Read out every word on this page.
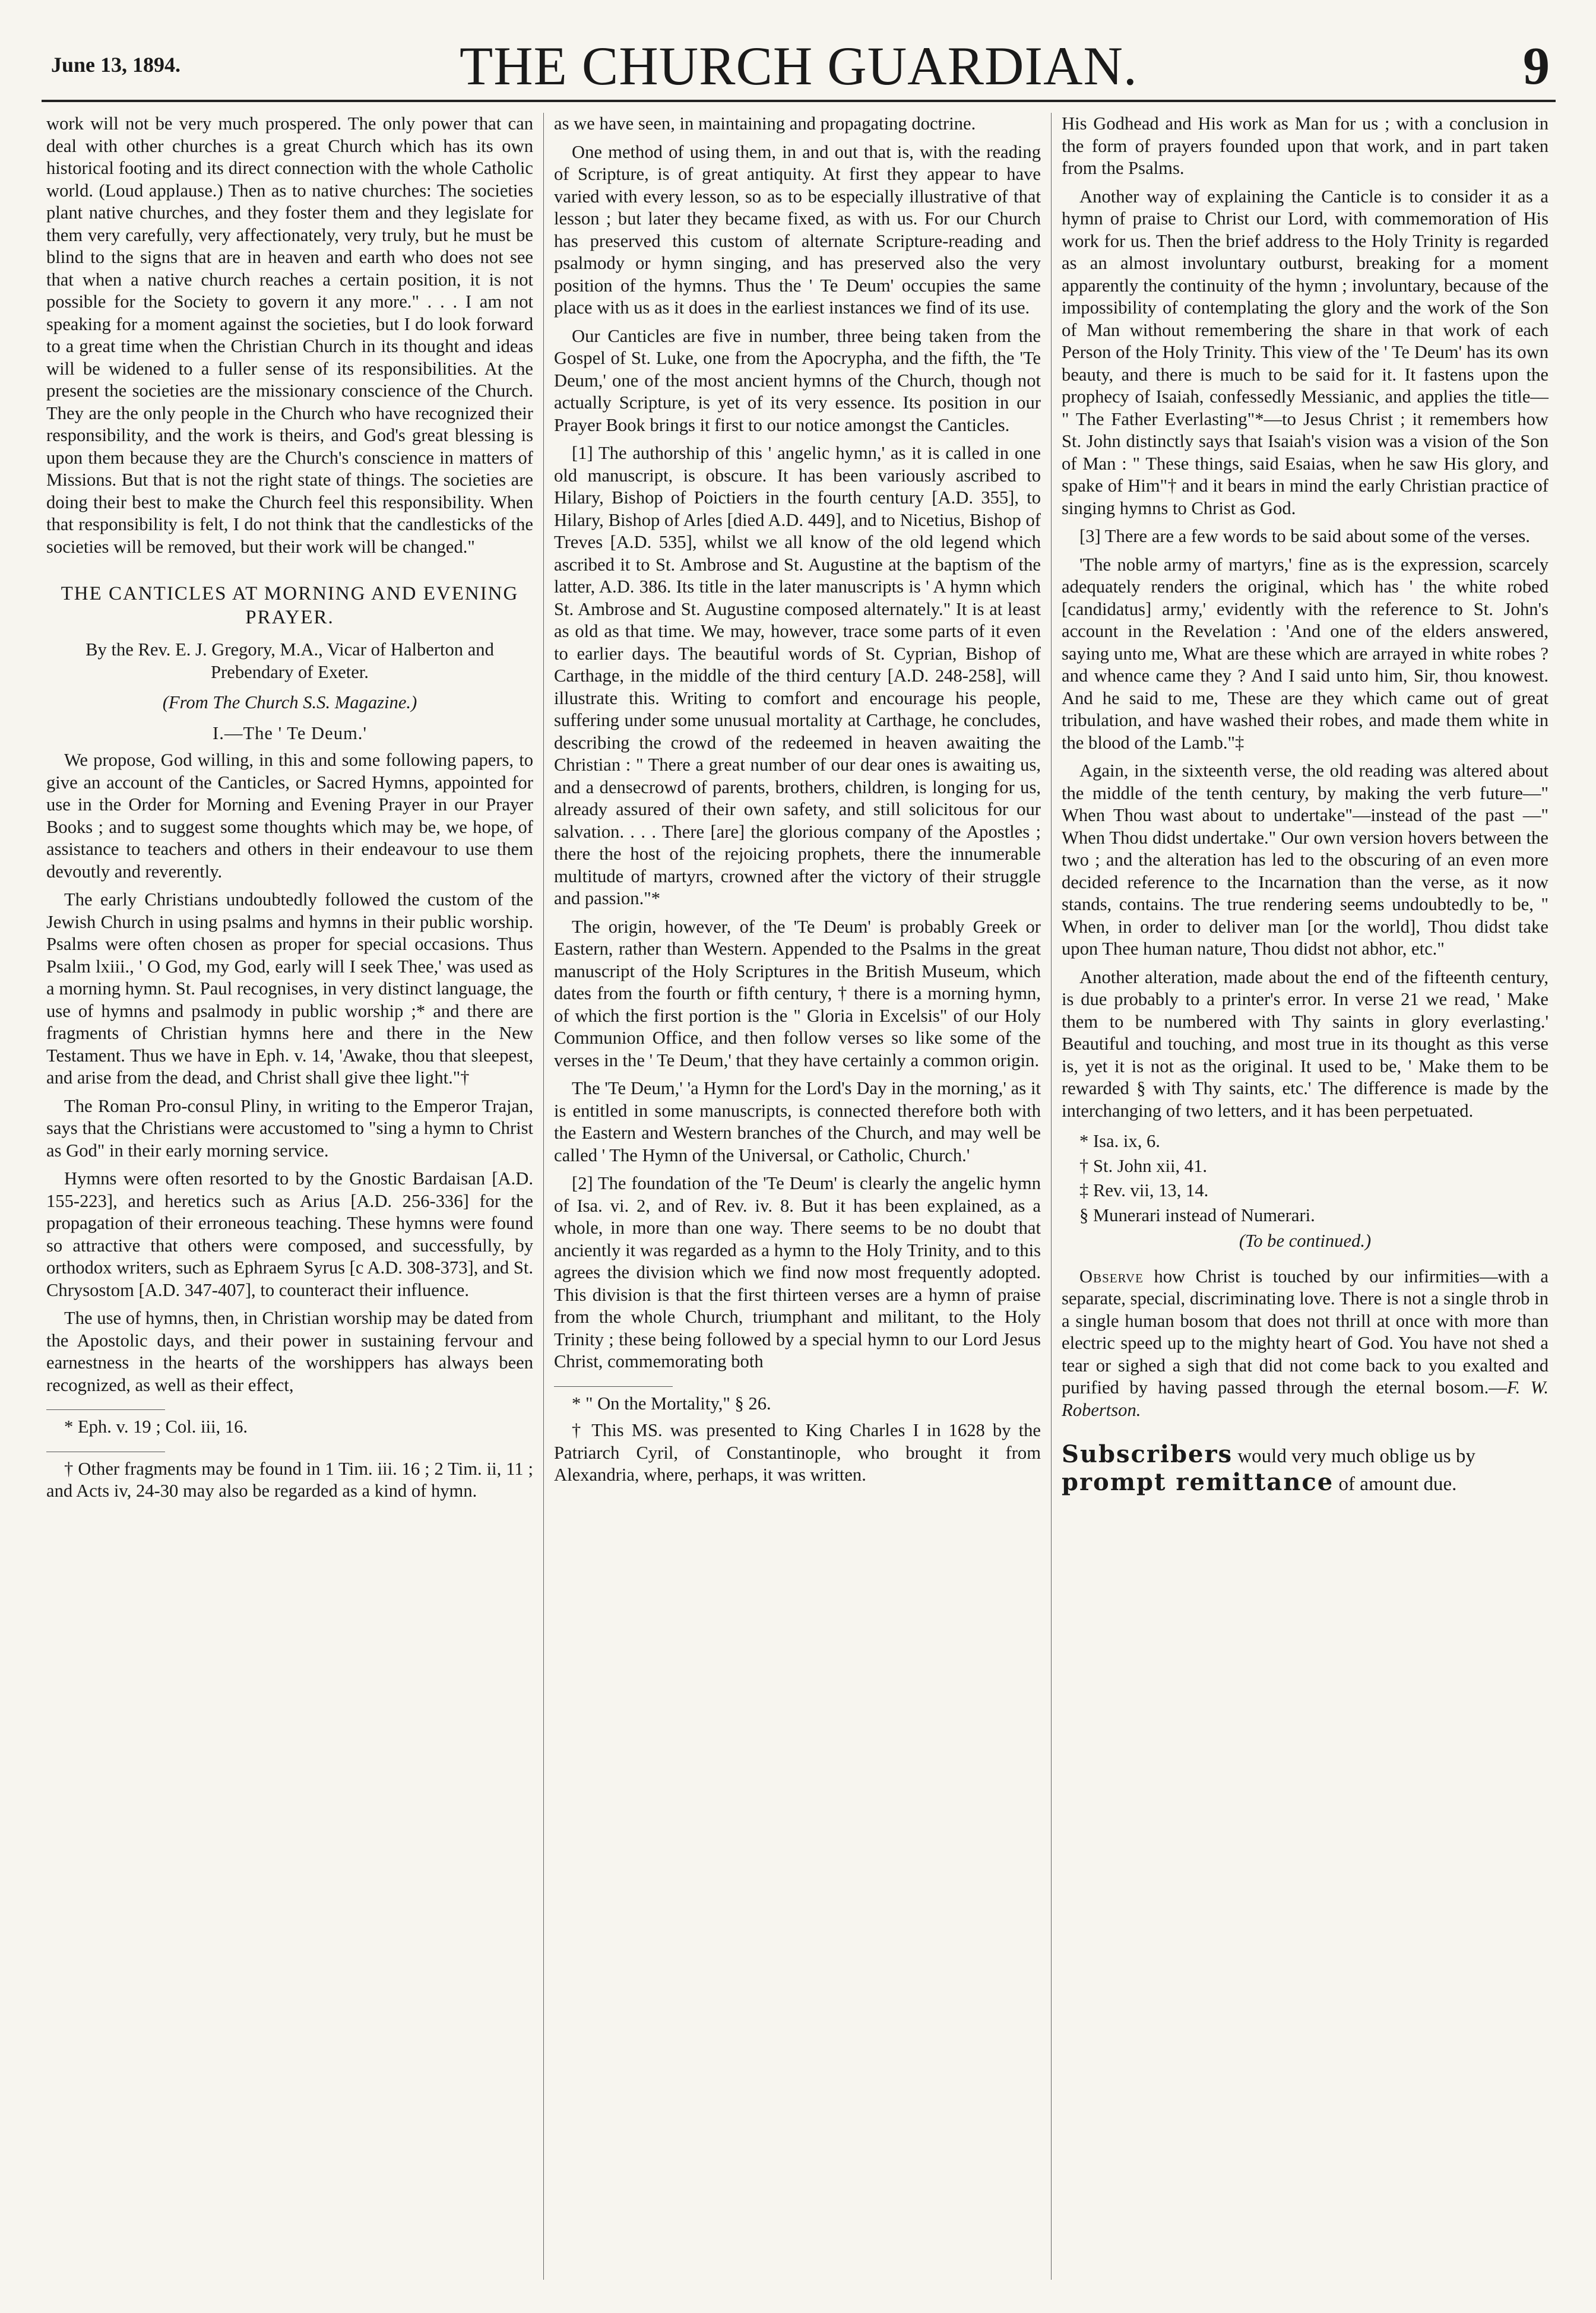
June 13, 1894.	THE CHURCH GUARDIAN.	9

work will not be very much prospered. The only power that can deal with other churches is a great Church which has its own historical footing and its direct connection with the whole Catholic world. (Loud applause.) Then as to native churches: The societies plant native churches, and they foster them and they legislate for them very carefully, very affectionately, very truly, but he must be blind to the signs that are in heaven and earth who does not see that when a native church reaches a certain position, it is not possible for the Society to govern it any more." . . . I am not speaking for a moment against the societies, but I do look forward to a great time when the Christian Church in its thought and ideas will be widened to a fuller sense of its responsibilities. At the present the societies are the missionary conscience of the Church. They are the only people in the Church who have recognized their responsibility, and the work is theirs, and God's great blessing is upon them because they are the Church's conscience in matters of Missions. But that is not the right state of things. The societies are doing their best to make the Church feel this responsibility. When that responsibility is felt, I do not think that the candlesticks of the societies will be removed, but their work will be changed."

THE CANTICLES AT MORNING AND EVENING PRAYER.
By the Rev. E. J. Gregory, M.A., Vicar of Halberton and Prebendary of Exeter.
(From The Church S.S. Magazine.)
I.—The ' Te Deum.'

We propose, God willing, in this and some following papers, to give an account of the Canticles, or Sacred Hymns, appointed for use in the Order for Morning and Evening Prayer in our Prayer Books ; and to suggest some thoughts which may be, we hope, of assistance to teachers and others in their endeavour to use them devoutly and reverently.

The early Christians undoubtedly followed the custom of the Jewish Church in using psalms and hymns in their public worship. Psalms were often chosen as proper for special occasions. Thus Psalm lxiii., ' O God, my God, early will I seek Thee,' was used as a morning hymn. St. Paul recognises, in very distinct language, the use of hymns and psalmody in public worship ;* and there are fragments of Christian hymns here and there in the New Testament. Thus we have in Eph. v. 14, 'Awake, thou that sleepest, and arise from the dead, and Christ shall give thee light."†

The Roman Pro-consul Pliny, in writing to the Emperor Trajan, says that the Christians were accustomed to "sing a hymn to Christ as God" in their early morning service.

Hymns were often resorted to by the Gnostic Bardaisan [A.D. 155-223], and heretics such as Arius [A.D. 256-336] for the propagation of their erroneous teaching. These hymns were found so attractive that others were composed, and successfully, by orthodox writers, such as Ephraem Syrus [c A.D. 308-373], and St. Chrysostom [A.D. 347-407], to counteract their influence.

The use of hymns, then, in Christian worship may be dated from the Apostolic days, and their power in sustaining fervour and earnestness in the hearts of the worshippers has always been recognized, as well as their effect,

* Eph. v. 19 ; Col. iii, 16.
† Other fragments may be found in 1 Tim. iii. 16 ; 2 Tim. ii, 11 ; and Acts iv, 24-30 may also be regarded as a kind of hymn.

as we have seen, in maintaining and propagating doctrine.

One method of using them, in and out that is, with the reading of Scripture, is of great antiquity. At first they appear to have varied with every lesson, so as to be especially illustrative of that lesson ; but later they became fixed, as with us. For our Church has preserved this custom of alternate Scripture-reading and psalmody or hymn singing, and has preserved also the very position of the hymns. Thus the ' Te Deum' occupies the same place with us as it does in the earliest instances we find of its use.

Our Canticles are five in number, three being taken from the Gospel of St. Luke, one from the Apocrypha, and the fifth, the 'Te Deum,' one of the most ancient hymns of the Church, though not actually Scripture, is yet of its very essence. Its position in our Prayer Book brings it first to our notice amongst the Canticles.

[1] The authorship of this ' angelic hymn,' as it is called in one old manuscript, is obscure. It has been variously ascribed to Hilary, Bishop of Poictiers in the fourth century [A.D. 355], to Hilary, Bishop of Arles [died A.D. 449], and to Nicetius, Bishop of Treves [A.D. 535], whilst we all know of the old legend which ascribed it to St. Ambrose and St. Augustine at the baptism of the latter, A.D. 386. Its title in the later manuscripts is ' A hymn which St. Ambrose and St. Augustine composed alternately." It is at least as old as that time. We may, however, trace some parts of it even to earlier days. The beautiful words of St. Cyprian, Bishop of Carthage, in the middle of the third century [A.D. 248-258], will illustrate this. Writing to comfort and encourage his people, suffering under some unusual mortality at Carthage, he concludes, describing the crowd of the redeemed in heaven awaiting the Christian : " There a great number of our dear ones is awaiting us, and a densecrowd of parents, brothers, children, is longing for us, already assured of their own safety, and still solicitous for our salvation. . . . There [are] the glorious company of the Apostles ; there the host of the rejoicing prophets, there the innumerable multitude of martyrs, crowned after the victory of their struggle and passion."*

The origin, however, of the 'Te Deum' is probably Greek or Eastern, rather than Western. Appended to the Psalms in the great manuscript of the Holy Scriptures in the British Museum, which dates from the fourth or fifth century, † there is a morning hymn, of which the first portion is the " Gloria in Excelsis" of our Holy Communion Office, and then follow verses so like some of the verses in the ' Te Deum,' that they have certainly a common origin.

The 'Te Deum,' 'a Hymn for the Lord's Day in the morning,' as it is entitled in some manuscripts, is connected therefore both with the Eastern and Western branches of the Church, and may well be called ' The Hymn of the Universal, or Catholic, Church.'

[2] The foundation of the 'Te Deum' is clearly the angelic hymn of Isa. vi. 2, and of Rev. iv. 8. But it has been explained, as a whole, in more than one way. There seems to be no doubt that anciently it was regarded as a hymn to the Holy Trinity, and to this agrees the division which we find now most frequently adopted. This division is that the first thirteen verses are a hymn of praise from the whole Church, triumphant and militant, to the Holy Trinity ; these being followed by a special hymn to our Lord Jesus Christ, commemorating both

* " On the Mortality," § 26.
† This MS. was presented to King Charles I in 1628 by the Patriarch Cyril, of Constantinople, who brought it from Alexandria, where, perhaps, it was written.

His Godhead and His work as Man for us ; with a conclusion in the form of prayers founded upon that work, and in part taken from the Psalms.

Another way of explaining the Canticle is to consider it as a hymn of praise to Christ our Lord, with commemoration of His work for us. Then the brief address to the Holy Trinity is regarded as an almost involuntary outburst, breaking for a moment apparently the continuity of the hymn ; involuntary, because of the impossibility of contemplating the glory and the work of the Son of Man without remembering the share in that work of each Person of the Holy Trinity. This view of the ' Te Deum' has its own beauty, and there is much to be said for it. It fastens upon the prophecy of Isaiah, confessedly Messianic, and applies the title— " The Father Everlasting"*—to Jesus Christ ; it remembers how St. John distinctly says that Isaiah's vision was a vision of the Son of Man : " These things, said Esaias, when he saw His glory, and spake of Him"† and it bears in mind the early Christian practice of singing hymns to Christ as God.

[3] There are a few words to be said about some of the verses.

'The noble army of martyrs,' fine as is the expression, scarcely adequately renders the original, which has ' the white robed [candidatus] army,' evidently with the reference to St. John's account in the Revelation : 'And one of the elders answered, saying unto me, What are these which are arrayed in white robes ? and whence came they ? And I said unto him, Sir, thou knowest. And he said to me, These are they which came out of great tribulation, and have washed their robes, and made them white in the blood of the Lamb."‡

Again, in the sixteenth verse, the old reading was altered about the middle of the tenth century, by making the verb future—" When Thou wast about to undertake"—instead of the past —" When Thou didst undertake." Our own version hovers between the two ; and the alteration has led to the obscuring of an even more decided reference to the Incarnation than the verse, as it now stands, contains. The true rendering seems undoubtedly to be, " When, in order to deliver man [or the world], Thou didst take upon Thee human nature, Thou didst not abhor, etc."

Another alteration, made about the end of the fifteenth century, is due probably to a printer's error. In verse 21 we read, ' Make them to be numbered with Thy saints in glory everlasting.' Beautiful and touching, and most true in its thought as this verse is, yet it is not as the original. It used to be, ' Make them to be rewarded § with Thy saints, etc.' The difference is made by the interchanging of two letters, and it has been perpetuated.

* Isa. ix, 6.
† St. John xii, 41.
‡ Rev. vii, 13, 14.
§ Munerari instead of Numerari.
(To be continued.)

Observe how Christ is touched by our infirmities—with a separate, special, discriminating love. There is not a single throb in a single human bosom that does not thrill at once with more than electric speed up to the mighty heart of God. You have not shed a tear or sighed a sigh that did not come back to you exalted and purified by having passed through the eternal bosom.—F. W. Robertson.

Subscribers would very much oblige us by prompt remittance of amount due.
